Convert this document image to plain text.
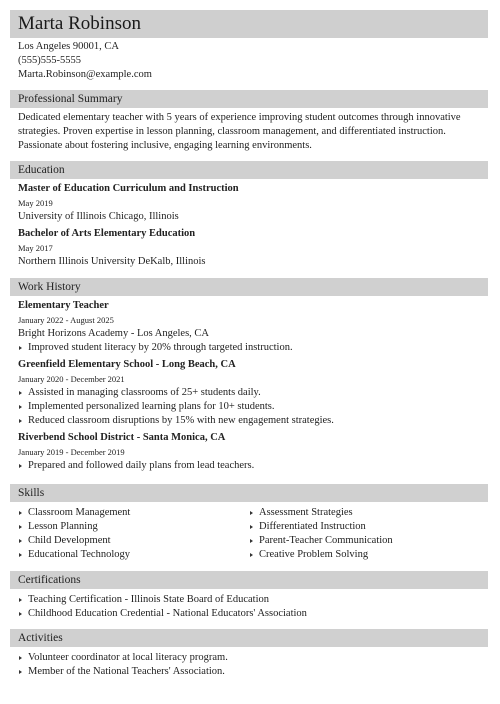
Marta Robinson
Los Angeles 90001, CA
(555)555-5555
Marta.Robinson@example.com
Professional Summary
Dedicated elementary teacher with 5 years of experience improving student outcomes through innovative strategies. Proven expertise in lesson planning, classroom management, and differentiated instruction. Passionate about fostering inclusive, engaging learning environments.
Education
Master of Education Curriculum and Instruction
May 2019
University of Illinois Chicago, Illinois
Bachelor of Arts Elementary Education
May 2017
Northern Illinois University DeKalb, Illinois
Work History
Elementary Teacher
January 2022 - August 2025
Bright Horizons Academy - Los Angeles, CA
Improved student literacy by 20% through targeted instruction.
Greenfield Elementary School - Long Beach, CA
January 2020 - December 2021
Assisted in managing classrooms of 25+ students daily.
Implemented personalized learning plans for 10+ students.
Reduced classroom disruptions by 15% with new engagement strategies.
Riverbend School District - Santa Monica, CA
January 2019 - December 2019
Prepared and followed daily plans from lead teachers.
Skills
Classroom Management
Lesson Planning
Child Development
Educational Technology
Assessment Strategies
Differentiated Instruction
Parent-Teacher Communication
Creative Problem Solving
Certifications
Teaching Certification - Illinois State Board of Education
Childhood Education Credential - National Educators' Association
Activities
Volunteer coordinator at local literacy program.
Member of the National Teachers' Association.
